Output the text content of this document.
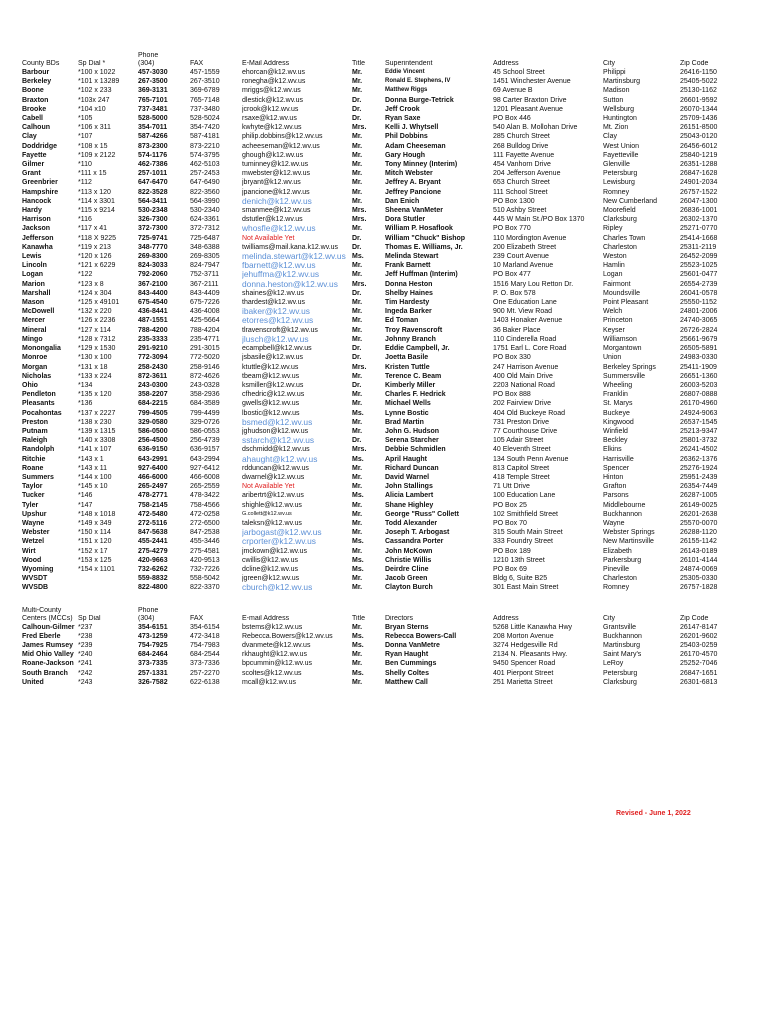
		Phone							
County BDs	Sp Dial *	(304)	FAX	E-Mail Address	Title	Superintendent	Address	City	Zip Code
Barbour	*100 x 1022	457-3030	457-1559	ehorcan@k12.wv.us	Mr.	Eddie Vincent	45 School Street	Philippi	26416-1150
Berkeley	*101 x 13289	267-3500	267-3510	ronegha@k12.wv.us	Mr.	Ronald E. Stephens, IV	1451 Winchester Avenue	Martinsburg	25405-5022
Boone	*102 x 233	369-3131	369-6789	mriggs@k12.wv.us	Mr.	Matthew Riggs	69 Avenue B	Madison	25130-1162
Braxton	*103x 247	765-7101	765-7148	dlestick@k12.wv.us	Dr.	Donna Burge-Tetrick	98 Carter Braxton Drive	Sutton	26601-9592
Brooke	*104 x10	737-3481	737-3480	jcrook@k12.wv.us	Dr.	Jeff Crook	1201 Pleasant Avenue	Wellsburg	26070-1344
Cabell	*105	528-5000	528-5024	rsaxe@k12.wv.us	Dr.	Ryan Saxe	PO Box 446	Huntington	25709-1436
Calhoun	*106 x 311	354-7011	354-7420	kwhyte@k12.wv.us	Mrs.	Kelli J. Whytsell	540 Alan B. Mollohan Drive	Mt. Zion	26151-8500
Clay	*107	587-4266	587-4181	philip.dobbins@k12.wv.us	Mr.	Phil Dobbins	285 Church Street	Clay	25043-0120
Doddridge	*108 x 15	873-2300	873-2210	acheeseman@k12.wv.us	Mr.	Adam Cheeseman	268 Bulldog Drive	West Union	26456-6012
Fayette	*109 x 2122	574-1176	574-3795	ghough@k12.wv.us	Mr.	Gary Hough	111 Fayette Avenue	Fayetteville	25840-1219
Gilmer	*110	462-7386	462-5103	tuminney@k12.wv.us	Mr.	Tony Minney (Interim)	454 Vanhorn Drive	Glenville	26351-1288
Grant	*111 x 15	257-1011	257-2453	mwebster@k12.wv.us	Mr.	Mitch Webster	204 Jefferson Avenue	Petersburg	26847-1628
Greenbrier	*112	647-6470	647-6490	jbryant@k12.wv.us	Mr.	Jeffrey A. Bryant	653 Church Street	Lewisburg	24901-2034
Hampshire	*113 x 120	822-3528	822-3560	jpancione@k12.wv.us	Mr.	Jeffrey Pancione	111 School Street	Romney	26757-1522
Hancock	*114 x 3301	564-3411	564-3990	denich@k12.wv.us	Mr.	Dan Enich	PO Box 1300	New Cumberland	26047-1300
Hardy	*115 x 9214	530-2348	530-2340	smanmee@k12.wv.us	Mrs.	Sheena VanMeter	510 Ashby Street	Moorefield	26836-1001
Harrison	*116	326-7300	624-3361	dstutler@k12.wv.us	Mrs.	Dora Stutler	445 W Main St./PO Box 1370	Clarksburg	26302-1370
Jackson	*117 x 41	372-7300	372-7312	whosfle@k12.wv.us	Mr.	William P. Hosaflook	PO Box 770	Ripley	25271-0770
Jefferson	*118 X 9225	725-9741	725-6487	Not Available Yet	Dr.	William "Chuck" Bishop	110 Mordington Avenue	Charles Town	25414-1668
Kanawha	*119 x 213	348-7770	348-6388	twilliams@mail.kana.k12.wv.us	Dr.	Thomas E. Williams, Jr.	200 Elizabeth Street	Charleston	25311-2119
Lewis	*120 x 126	269-8300	269-8305	melinda.stewart@k12.wv.us	Ms.	Melinda Stewart	239 Court Avenue	Weston	26452-2099
Lincoln	*121 x 6229	824-3033	824-7947	fbarnett@k12.wv.us	Mr.	Frank Barnett	10 Marland Avenue	Hamlin	25523-1025
Logan	*122	792-2060	752-3711	jehuffma@k12.wv.us	Mr.	Jeff Huffman (Interim)	PO Box 477	Logan	25601-0477
Marion	*123 x 8	367-2100	367-2111	donna.heston@k12.wv.us	Mrs.	Donna Heston	1516 Mary Lou Retton Dr.	Fairmont	26554-2739
Marshall	*124 x 304	843-4400	843-4409	shaines@k12.wv.us	Dr.	Shelby Haines	P. O. Box 578	Moundsville	26041-0578
Mason	*125 x 49101	675-4540	675-7226	thardest@k12.wv.us	Mr.	Tim Hardesty	One Education Lane	Point Pleasant	25550-1152
McDowell	*132 x 220	436-8441	436-4008	ibaker@k12.wv.us	Mr.	Ingeda Barker	900 Mt. View Road	Welch	24801-2006
Mercer	*126 x 2236	487-1551	425-5664	etorres@k12.wv.us	Mr.	Ed Toman	1403 Honaker Avenue	Princeton	24740-3065
Mineral	*127 x 114	788-4200	788-4204	tlravenscroft@k12.wv.us	Mr.	Troy Ravenscroft	36 Baker Place	Keyser	26726-2824
Mingo	*128 x 7312	235-3333	235-4771	jlusch@k12.wv.us	Mr.	Johnny Branch	110 Cinderella Road	Williamson	25661-9679
Monongalia	*129 x 1530	291-9210	291-3015	ecampbell@k12.wv.us	Dr.	Eddie Campbell, Jr.	1751 Earl L. Core Road	Morgantown	26505-5891
Monroe	*130 x 100	772-3094	772-5020	jsbasile@k12.wv.us	Dr.	Joetta Basile	PO Box 330	Union	24983-0330
Morgan	*131 x 18	258-2430	258-9146	ktuttle@k12.wv.us	Mrs.	Kristen Tuttle	247 Harrison Avenue	Berkeley Springs	25411-1909
Nicholas	*133 x 224	872-3611	872-4626	tbeam@k12.wv.us	Mr.	Terence C. Beam	400 Old Main Drive	Summersville	26651-1360
Ohio	*134	243-0300	243-0328	ksmiller@k12.wv.us	Dr.	Kimberly Miller	2203 National Road	Wheeling	26003-5203
Pendleton	*135 x 120	358-2207	358-2936	cfhedric@k12.wv.us	Mr.	Charles F. Hedrick	PO Box 888	Franklin	26807-0888
Pleasants	*136	684-2215	684-3589	gwells@k12.wv.us	Mr.	Michael Wells	202 Fairview Drive	St. Marys	26170-4960
Pocahontas	*137 x 2227	799-4505	799-4499	lbostic@k12.wv.us	Ms.	Lynne Bostic	404 Old Buckeye Road	Buckeye	24924-9063
Preston	*138 x 230	329-0580	329-0726	bsmed@k12.wv.us	Mr.	Brad Martin	731 Preston Drive	Kingwood	26537-1545
Putnam	*139 x 1315	586-0500	586-0553	jghudson@k12.wv.us	Mr.	John G. Hudson	77 Courthouse Drive	Winfield	25213-9347
Raleigh	*140 x 3308	256-4500	256-4739	sstarch@k12.wv.us	Dr.	Serena Starcher	105 Adair Street	Beckley	25801-3732
Randolph	*141 x 107	636-9150	636-9157	dschmidd@k12.wv.us	Mrs.	Debbie Schmidlen	40 Eleventh Street	Elkins	26241-4502
Ritchie	*143 x 1	643-2991	643-2994	ahaught@k12.wv.us	Ms.	April Haught	134 South Penn Avenue	Harrisville	26362-1376
Roane	*143 x 11	927-6400	927-6412	rdduncan@k12.wv.us	Mr.	Richard Duncan	813 Capitol Street	Spencer	25276-1924
Summers	*144 x 100	466-6000	466-6008	dwarnel@k12.wv.us	Mr.	David Warnel	418 Temple Street	Hinton	25951-2439
Taylor	*145 x 10	265-2497	265-2559	Not Available Yet	Mr.	John Stallings	71 Utt Drive	Grafton	26354-7449
Tucker	*146	478-2771	478-3422	aribertrt@k12.wv.us	Ms.	Alicia Lambert	100 Education Lane	Parsons	26287-1005
Tyler	*147	758-2145	758-4566	shighle@k12.wv.us	Mr.	Shane Highley	PO Box 25	Middlebourne	26149-0025
Upshur	*148 x 1018	472-5480	472-0258	G.collett@k12.wv.us	Mr.	George "Russ" Collett	102 Smithfield Street	Buckhannon	26201-2638
Wayne	*149 x 349	272-5116	272-6500	taleksn@k12.wv.us	Mr.	Todd Alexander	PO Box 70	Wayne	25570-0070
Webster	*150 x 114	847-5638	847-2538	jarbogast@k12.wv.us	Mr.	Joseph T. Arbogast	315 South Main Street	Webster Springs	26288-1120
Wetzel	*151 x 120	455-2441	455-3446	crporter@k12.wv.us	Ms.	Cassandra Porter	333 Foundry Street	New Martinsville	26155-1142
Wirt	*152 x 17	275-4279	275-4581	jmckown@k12.wv.us	Mr.	John McKown	PO Box 189	Elizabeth	26143-0189
Wood	*153 x 125	420-9663	420-9513	cwillis@k12.wv.us	Ms.	Christie Willis	1210 13th Street	Parkersburg	26101-4144
Wyoming	*154 x 1101	732-6262	732-7226	dcline@k12.wv.us	Ms.	Deirdre Cline	PO Box 69	Pineville	24874-0069
WVSDT		559-8832	558-5042	jgreen@k12.wv.us	Mr.	Jacob Green	Bldg 6, Suite B25	Charleston	25305-0330
WVSDB		822-4800	822-3370	cburch@k12.wv.us	Mr.	Clayton Burch	301 East Main Street	Romney	26757-1828
Multi-County		Phone							
Centers (MCCs)	Sp Dial	(304)	FAX	E-mail Address	Title	Directors	Address	City	Zip Code
Calhoun-Gilmer	*237	354-6151	354-6154	bstems@k12.wv.us	Mr.	Bryan Sterns	5268 Little Kanawha Hwy	Grantsville	26147-8147
Fred Eberle	*238	473-1259	472-3418	Rebecca.Bowers@k12.wv.us	Ms.	Rebecca Bowers-Call	208 Morton Avenue	Buckhannon	26201-9602
James Rumsey	*239	754-7925	754-7983	dvanmete@k12.wv.us	Ms.	Donna VanMetre	3274 Hedgesville Rd	Martinsburg	25403-0259
Mid Ohio Valley	*240	684-2464	684-2544	rkhaught@k12.wv.us	Mr.	Ryan Haught	2134 N. Pleasants Hwy.	Saint Mary's	26170-4570
Roane-Jackson	*241	373-7335	373-7336	bpcummin@k12.wv.us	Mr.	Ben Cummings	9450 Spencer Road	LeRoy	25252-7046
South Branch	*242	257-1331	257-2270	scoltes@k12.wv.us	Ms.	Shelly Coltes	401 Pierpont Street	Petersburg	26847-1651
United	*243	326-7582	622-6138	mcall@k12.wv.us	Mr.	Matthew Call	251 Marietta Street	Clarksburg	26301-6813
Revised - June 1, 2022
